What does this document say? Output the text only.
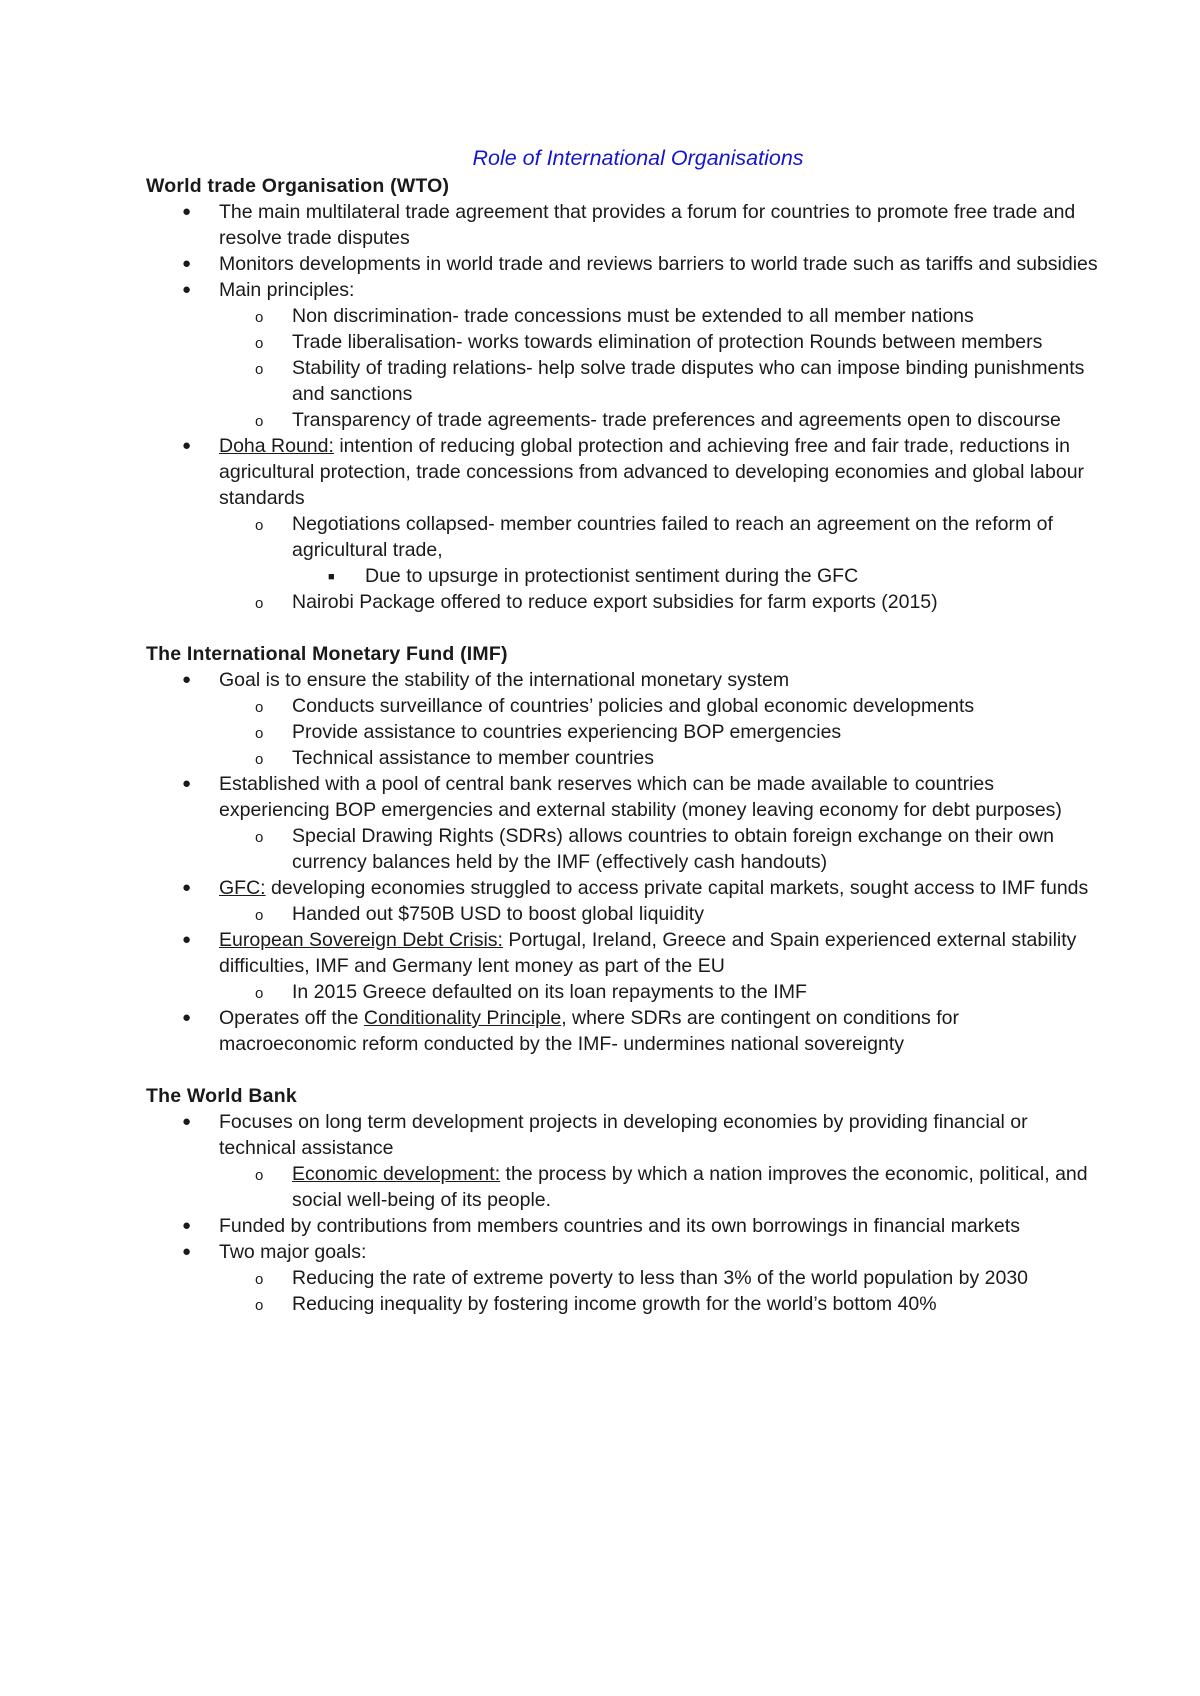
Role of International Organisations
World trade Organisation (WTO)
● The main multilateral trade agreement that provides a forum for countries to promote free trade and resolve trade disputes
● Monitors developments in world trade and reviews barriers to world trade such as tariffs and subsidies
● Main principles:
o Non discrimination- trade concessions must be extended to all member nations
o Trade liberalisation- works towards elimination of protection Rounds between members
o Stability of trading relations- help solve trade disputes who can impose binding punishments and sanctions
o Transparency of trade agreements- trade preferences and agreements open to discourse
● Doha Round: intention of reducing global protection and achieving free and fair trade, reductions in agricultural protection, trade concessions from advanced to developing economies and global labour standards
o Negotiations collapsed- member countries failed to reach an agreement on the reform of agricultural trade,
■ Due to upsurge in protectionist sentiment during the GFC
o Nairobi Package offered to reduce export subsidies for farm exports (2015)
The International Monetary Fund (IMF)
● Goal is to ensure the stability of the international monetary system
o Conducts surveillance of countries’ policies and global economic developments
o Provide assistance to countries experiencing BOP emergencies
o Technical assistance to member countries
● Established with a pool of central bank reserves which can be made available to countries experiencing BOP emergencies and external stability (money leaving economy for debt purposes)
o Special Drawing Rights (SDRs) allows countries to obtain foreign exchange on their own currency balances held by the IMF (effectively cash handouts)
● GFC: developing economies struggled to access private capital markets, sought access to IMF funds
o Handed out $750B USD to boost global liquidity
● European Sovereign Debt Crisis: Portugal, Ireland, Greece and Spain experienced external stability difficulties, IMF and Germany lent money as part of the EU
o In 2015 Greece defaulted on its loan repayments to the IMF
● Operates off the Conditionality Principle, where SDRs are contingent on conditions for macroeconomic reform conducted by the IMF- undermines national sovereignty
The World Bank
● Focuses on long term development projects in developing economies by providing financial or technical assistance
o Economic development: the process by which a nation improves the economic, political, and social well-being of its people.
● Funded by contributions from members countries and its own borrowings in financial markets
● Two major goals:
o Reducing the rate of extreme poverty to less than 3% of the world population by 2030
o Reducing inequality by fostering income growth for the world’s bottom 40%
